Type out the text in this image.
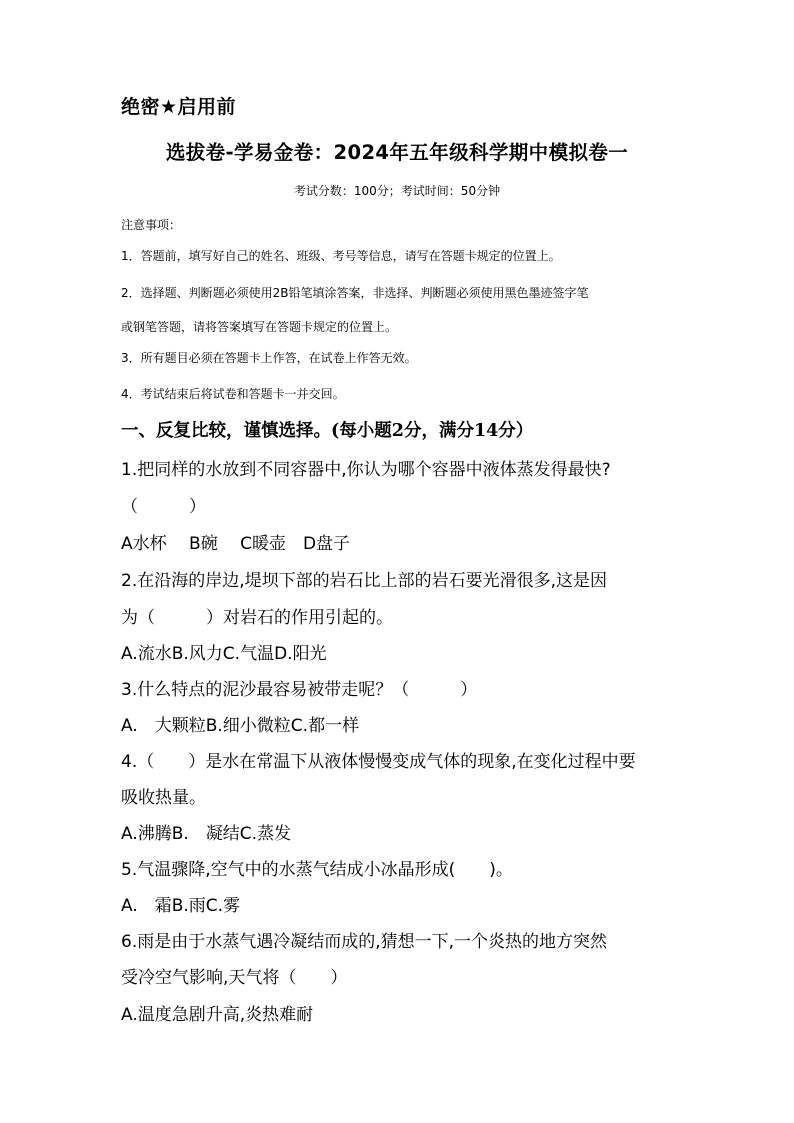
绝密★启用前
选拔卷-学易金卷：2024年五年级科学期中模拟卷一
考试分数：100分；考试时间：50分钟
注意事项：
1．答题前，填写好自己的姓名、班级、考号等信息，请写在答题卡规定的位置上。
2．选择题、判断题必须使用2B铅笔填涂答案，非选择、判断题必须使用黑色墨迹签字笔
或钢笔答题，请将答案填写在答题卡规定的位置上。
3．所有题目必须在答题卡上作答，在试卷上作答无效。
4．考试结束后将试卷和答题卡一并交回。
一、反复比较，谨慎选择。(每小题2分，满分14分）
1.把同样的水放到不同容器中,你认为哪个容器中液体蒸发得最快?
（　　　）
A水杯　 B碗　 C暖壶　D盘子
2.在沿海的岸边,堤坝下部的岩石比上部的岩石要光滑很多,这是因
为（　　　）对岩石的作用引起的。
A.流水B.风力C.气温D.阳光
3.什么特点的泥沙最容易被带走呢？（　　　）
A.　大颗粒B.细小微粒C.都一样
4.（　　）是水在常温下从液体慢慢变成气体的现象,在变化过程中要
吸收热量。
A.沸腾B.　凝结C.蒸发
5.气温骤降,空气中的水蒸气结成小冰晶形成(　　)。
A.　霜B.雨C.雾
6.雨是由于水蒸气遇冷凝结而成的,猜想一下,一个炎热的地方突然
受冷空气影响,天气将（　　）
A.温度急剧升高,炎热难耐
